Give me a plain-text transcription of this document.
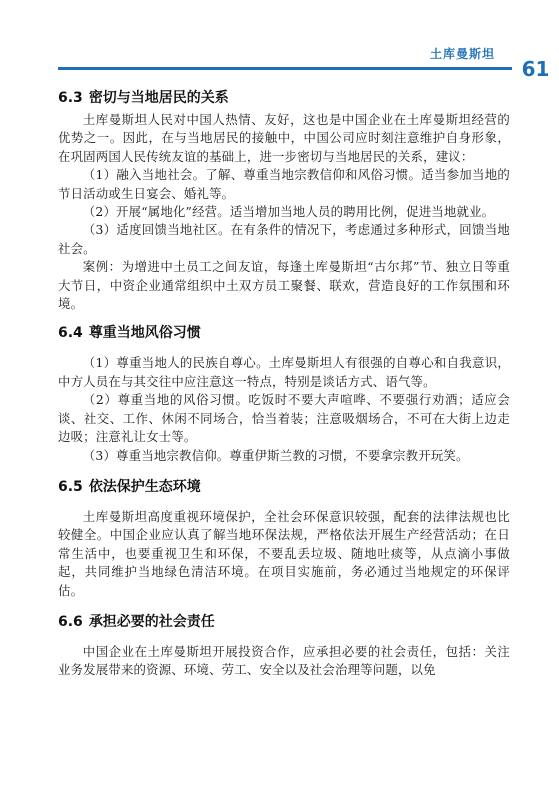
土库曼斯坦
61
6.3 密切与当地居民的关系

土库曼斯坦人民对中国人热情、友好，这也是中国企业在土库曼斯坦经营的优势之一。因此，在与当地居民的接触中，中国公司应时刻注意维护自身形象，在巩固两国人民传统友谊的基础上，进一步密切与当地居民的关系，建议：

（1）融入当地社会。了解、尊重当地宗教信仰和风俗习惯。适当参加当地的节日活动或生日宴会、婚礼等。

（2）开展“属地化”经营。适当增加当地人员的聘用比例，促进当地就业。

（3）适度回馈当地社区。在有条件的情况下，考虑通过多种形式，回馈当地社会。

案例：为增进中土员工之间友谊，每逢土库曼斯坦“古尔邦”节、独立日等重大节日，中资企业通常组织中土双方员工聚餐、联欢，营造良好的工作氛围和环境。

6.4 尊重当地风俗习惯

（1）尊重当地人的民族自尊心。土库曼斯坦人有很强的自尊心和自我意识，中方人员在与其交往中应注意这一特点，特别是谈话方式、语气等。

（2）尊重当地的风俗习惯。吃饭时不要大声喧哗、不要强行劝酒；适应会谈、社交、工作、休闲不同场合，恰当着装；注意吸烟场合，不可在大街上边走边吸；注意礼让女士等。

（3）尊重当地宗教信仰。尊重伊斯兰教的习惯，不要拿宗教开玩笑。

6.5 依法保护生态环境

土库曼斯坦高度重视环境保护，全社会环保意识较强，配套的法律法规也比较健全。中国企业应认真了解当地环保法规，严格依法开展生产经营活动；在日常生活中，也要重视卫生和环保，不要乱丢垃圾、随地吐痰等，从点滴小事做起，共同维护当地绿色清洁环境。在项目实施前，务必通过当地规定的环保评估。

6.6 承担必要的社会责任

中国企业在土库曼斯坦开展投资合作，应承担必要的社会责任，包括：关注业务发展带来的资源、环境、劳工、安全以及社会治理等问题，以免
